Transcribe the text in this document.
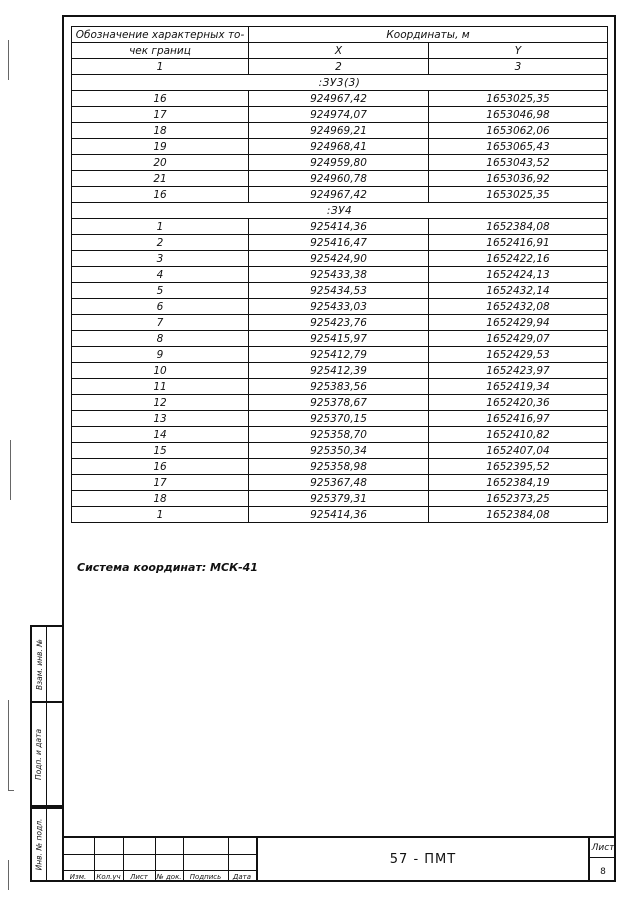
Обозначение характерных то-	Координаты, м	
чек границ	X	Y
1	2	3
:ЗУ3(3)		
16	924967,42	1653025,35
17	924974,07	1653046,98
18	924969,21	1653062,06
19	924968,41	1653065,43
20	924959,80	1653043,52
21	924960,78	1653036,92
16	924967,42	1653025,35
:ЗУ4		
1	925414,36	1652384,08
2	925416,47	1652416,91
3	925424,90	1652422,16
4	925433,38	1652424,13
5	925434,53	1652432,14
6	925433,03	1652432,08
7	925423,76	1652429,94
8	925415,97	1652429,07
9	925412,79	1652429,53
10	925412,39	1652423,97
11	925383,56	1652419,34
12	925378,67	1652420,36
13	925370,15	1652416,97
14	925358,70	1652410,82
15	925350,34	1652407,04
16	925358,98	1652395,52
17	925367,48	1652384,19
18	925379,31	1652373,25
1	925414,36	1652384,08
Система координат: МСК-41
Взам. инв. №
Подп. и дата
Инв. № подл.
Изм.	Кол.уч	Лист	№ док.	Подпись	Дата
57 - ПМТ
Лист
8
